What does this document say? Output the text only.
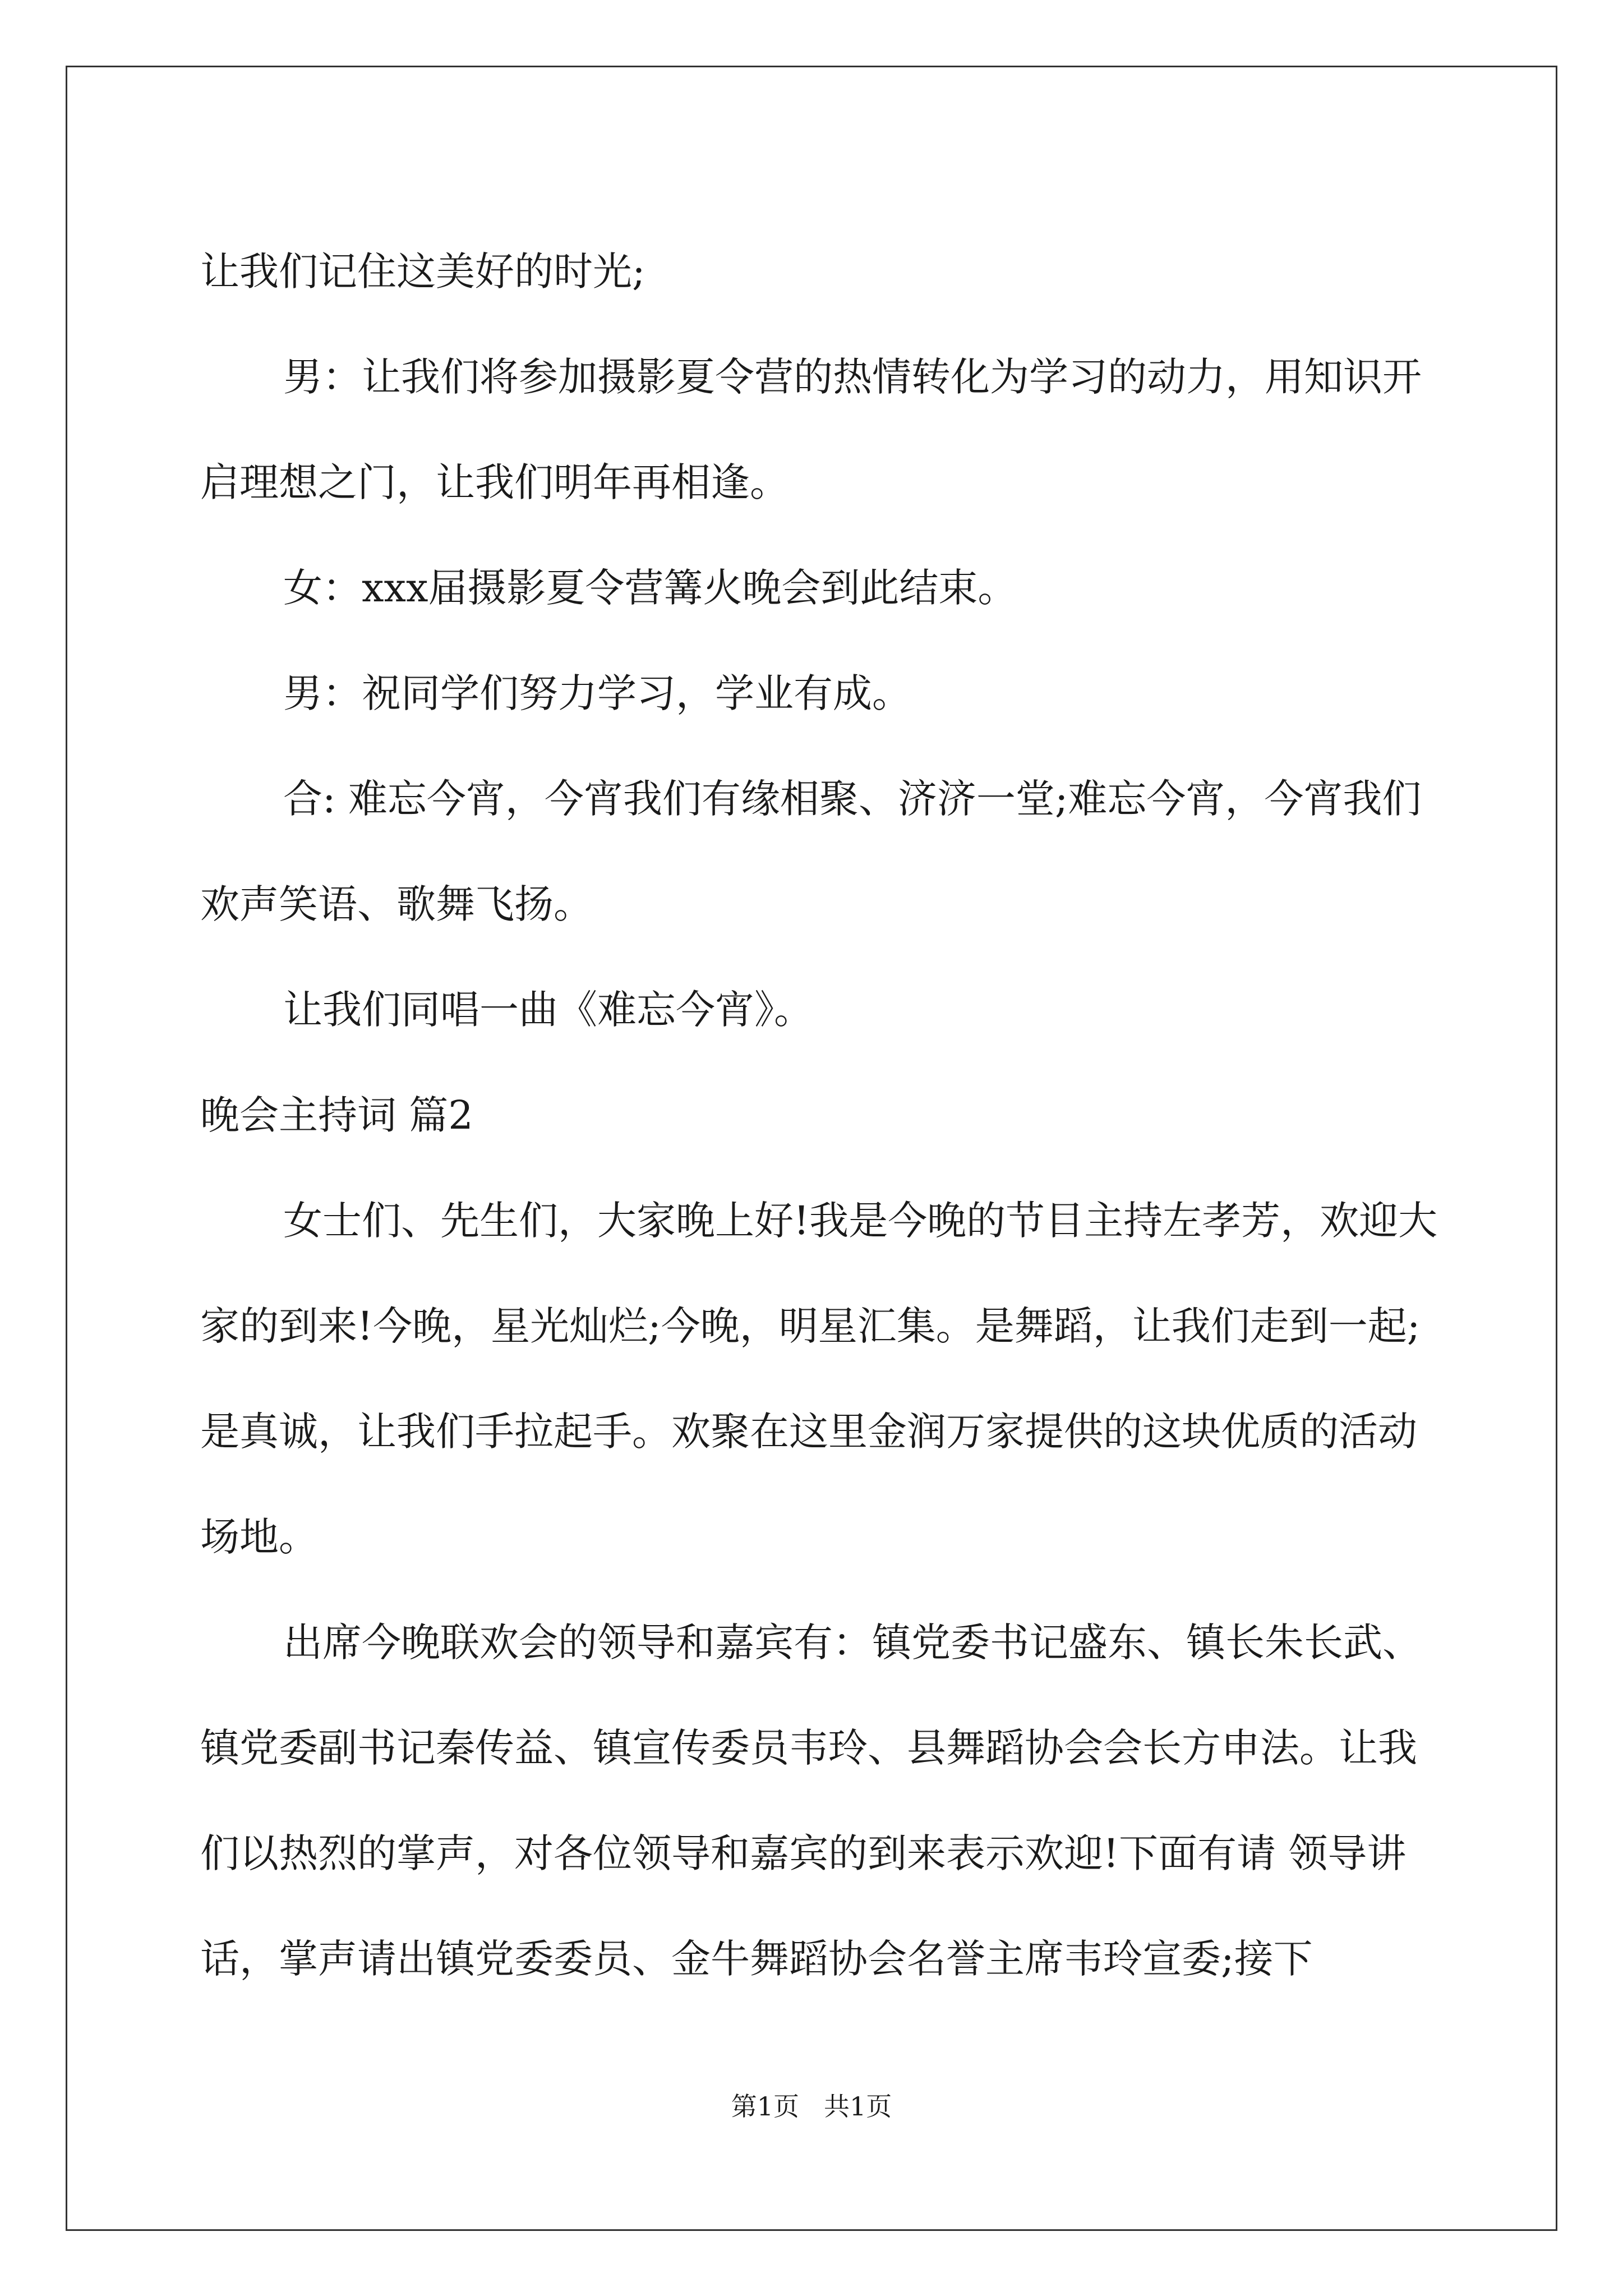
让我们记住这美好的时光;

男：让我们将参加摄影夏令营的热情转化为学习的动力，用知识开启理想之门，让我们明年再相逢。

女：xxx届摄影夏令营篝火晚会到此结束。

男：祝同学们努力学习，学业有成。

合: 难忘今宵，今宵我们有缘相聚、济济一堂;难忘今宵，今宵我们欢声笑语、歌舞飞扬。

让我们同唱一曲《难忘今宵》。

晚会主持词 篇2

女士们、先生们，大家晚上好!我是今晚的节目主持左孝芳，欢迎大家的到来!今晚，星光灿烂;今晚，明星汇集。是舞蹈，让我们走到一起;是真诚，让我们手拉起手。欢聚在这里金润万家提供的这块优质的活动场地。

出席今晚联欢会的领导和嘉宾有：镇党委书记盛东、镇长朱长武、镇党委副书记秦传益、镇宣传委员韦玲、县舞蹈协会会长方申法。让我们以热烈的掌声，对各位领导和嘉宾的到来表示欢迎!下面有请 领导讲话，掌声请出镇党委委员、金牛舞蹈协会名誉主席韦玲宣委;接下

第1页 共1页
